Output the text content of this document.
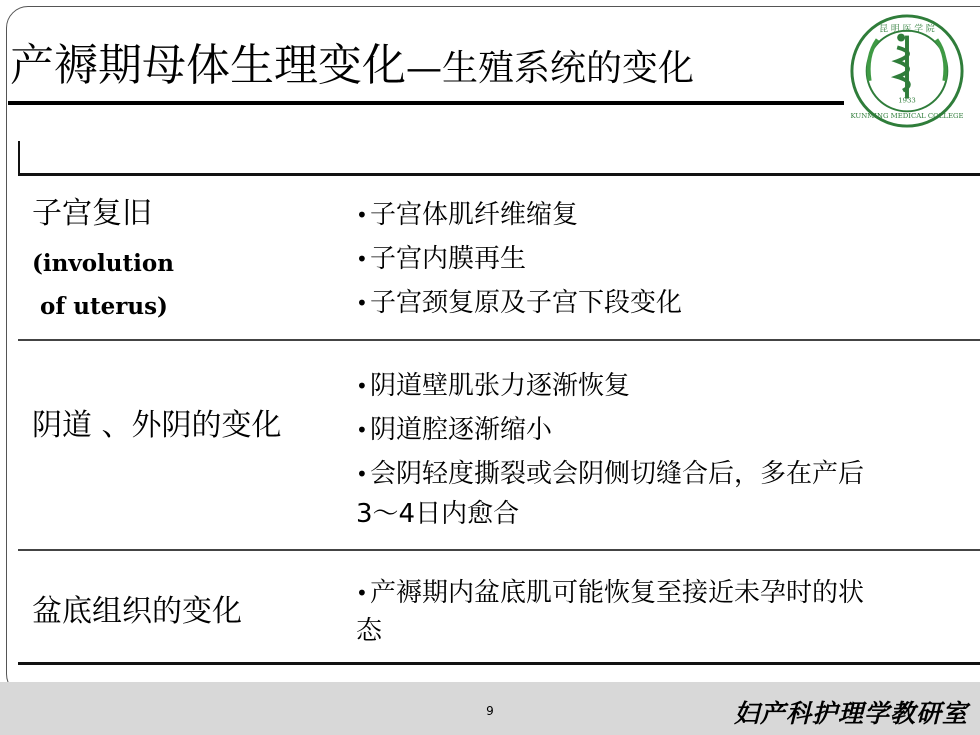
产褥期母体生理变化—生殖系统的变化
昆 明 医 学 院
1933
KUNMING MEDICAL COLLEGE
子宫复旧
(involution
of uterus)
• 子宫体肌纤维缩复
• 子宫内膜再生
• 子宫颈复原及子宫下段变化
阴道 、外阴的变化
• 阴道壁肌张力逐渐恢复
• 阴道腔逐渐缩小
• 会阴轻度撕裂或会阴侧切缝合后，多在产后
3～4日内愈合
盆底组织的变化
• 产褥期内盆底肌可能恢复至接近未孕时的状
态
9	妇产科护理学教研室
